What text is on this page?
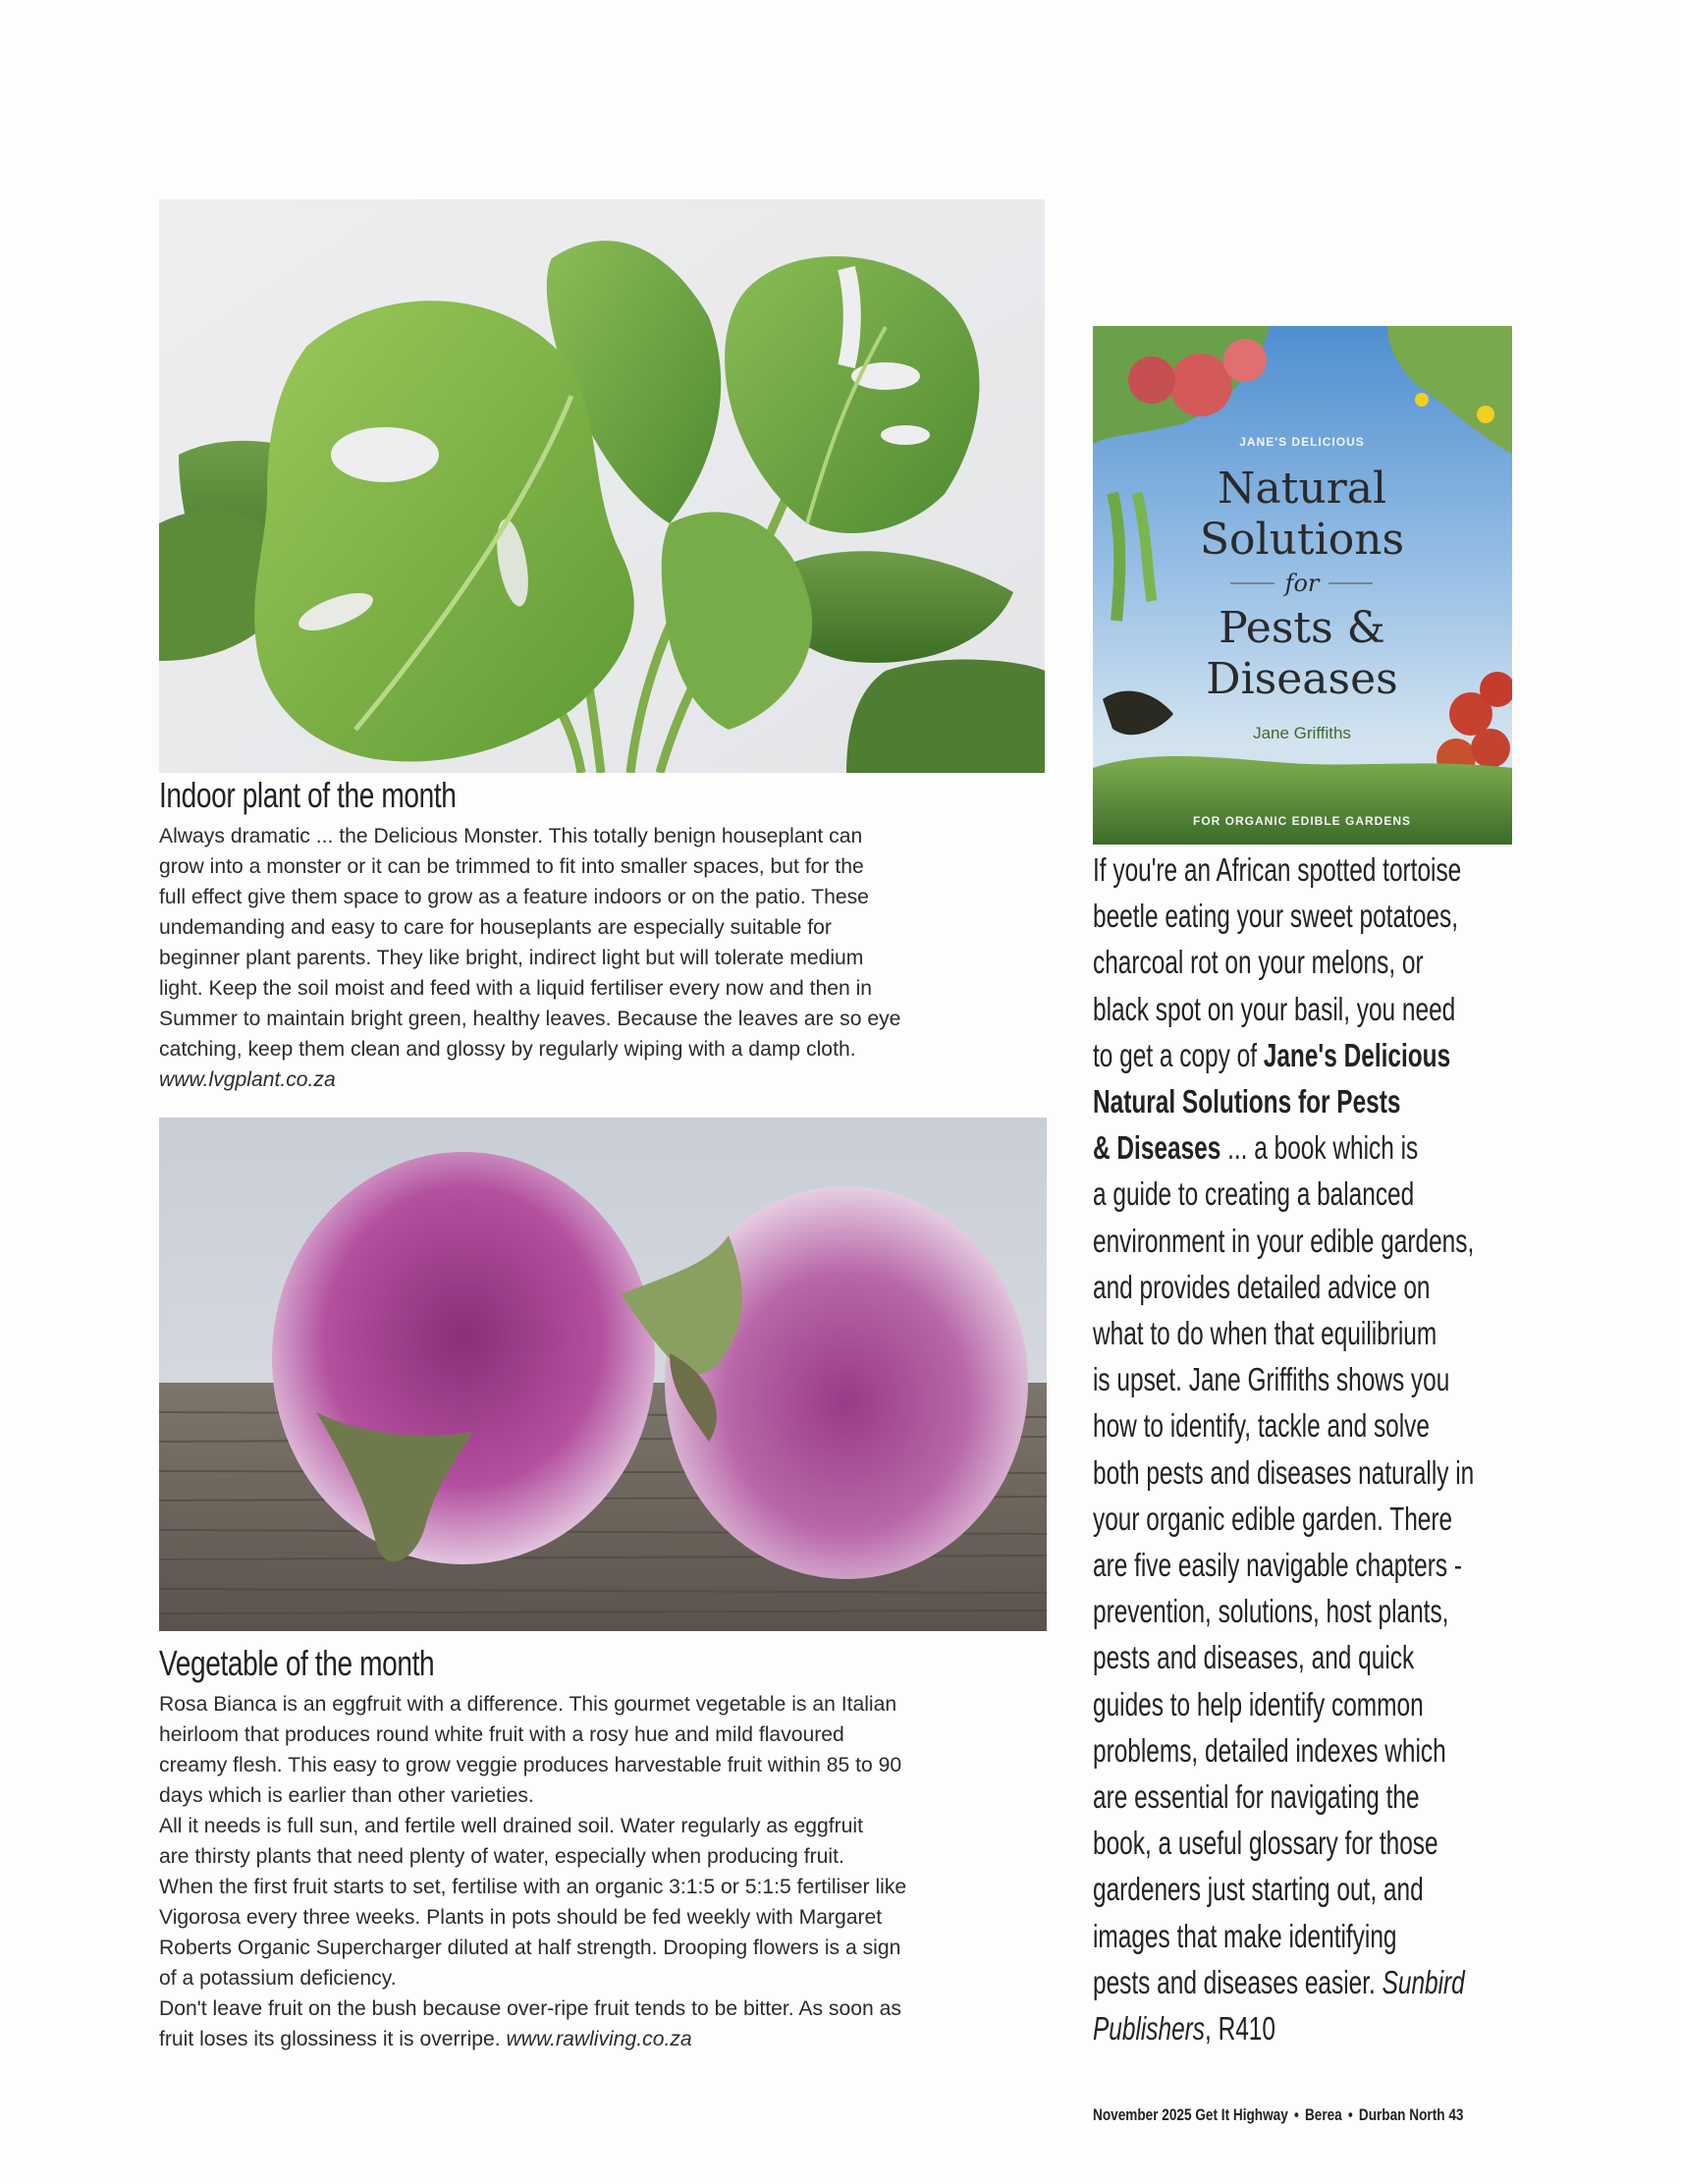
Indoor plant of the month
Always dramatic ... the Delicious Monster. This totally benign houseplant can
grow into a monster or it can be trimmed to fit into smaller spaces, but for the
full effect give them space to grow as a feature indoors or on the patio. These
undemanding and easy to care for houseplants are especially suitable for
beginner plant parents. They like bright, indirect light but will tolerate medium
light. Keep the soil moist and feed with a liquid fertiliser every now and then in
Summer to maintain bright green, healthy leaves. Because the leaves are so eye
catching, keep them clean and glossy by regularly wiping with a damp cloth.
www.lvgplant.co.za
Vegetable of the month
Rosa Bianca is an eggfruit with a difference. This gourmet vegetable is an Italian
heirloom that produces round white fruit with a rosy hue and mild flavoured
creamy flesh. This easy to grow veggie produces harvestable fruit within 85 to 90
days which is earlier than other varieties.
All it needs is full sun, and fertile well drained soil. Water regularly as eggfruit
are thirsty plants that need plenty of water, especially when producing fruit.
When the first fruit starts to set, fertilise with an organic 3:1:5 or 5:1:5 fertiliser like
Vigorosa every three weeks. Plants in pots should be fed weekly with Margaret
Roberts Organic Supercharger diluted at half strength. Drooping flowers is a sign
of a potassium deficiency.
Don't leave fruit on the bush because over-ripe fruit tends to be bitter. As soon as
fruit loses its glossiness it is overripe. www.rawliving.co.za
JANE'S DELICIOUS
Natural
Solutions
for
Pests &
Diseases
Jane Griffiths
FOR ORGANIC EDIBLE GARDENS
If you're an African spotted tortoise
beetle eating your sweet potatoes,
charcoal rot on your melons, or
black spot on your basil, you need
to get a copy of Jane's Delicious
Natural Solutions for Pests
& Diseases ... a book which is
a guide to creating a balanced
environment in your edible gardens,
and provides detailed advice on
what to do when that equilibrium
is upset. Jane Griffiths shows you
how to identify, tackle and solve
both pests and diseases naturally in
your organic edible garden. There
are five easily navigable chapters -
prevention, solutions, host plants,
pests and diseases, and quick
guides to help identify common
problems, detailed indexes which
are essential for navigating the
book, a useful glossary for those
gardeners just starting out, and
images that make identifying
pests and diseases easier. Sunbird
Publishers, R410
November 2025 Get It Highway • Berea • Durban North 43
